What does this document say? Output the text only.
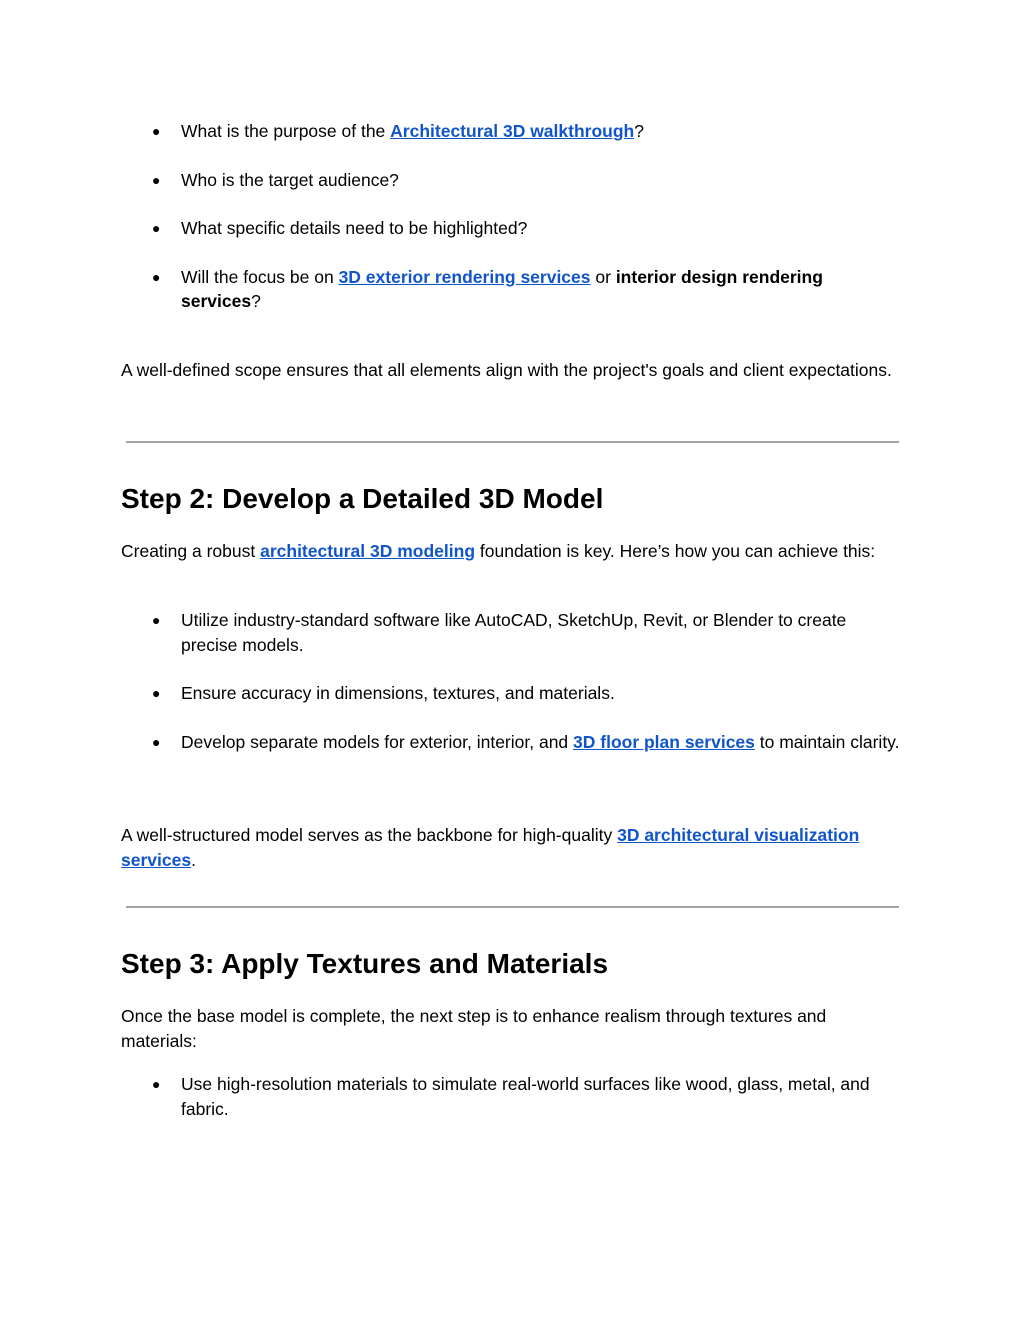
● What is the purpose of the Architectural 3D walkthrough?
● Who is the target audience?
● What specific details need to be highlighted?
● Will the focus be on 3D exterior rendering services or interior design rendering services?

A well-defined scope ensures that all elements align with the project's goals and client expectations.

Step 2: Develop a Detailed 3D Model

Creating a robust architectural 3D modeling foundation is key. Here’s how you can achieve this:

● Utilize industry-standard software like AutoCAD, SketchUp, Revit, or Blender to create precise models.
● Ensure accuracy in dimensions, textures, and materials.
● Develop separate models for exterior, interior, and 3D floor plan services to maintain clarity.

A well-structured model serves as the backbone for high-quality 3D architectural visualization services.

Step 3: Apply Textures and Materials

Once the base model is complete, the next step is to enhance realism through textures and materials:

● Use high-resolution materials to simulate real-world surfaces like wood, glass, metal, and fabric.
